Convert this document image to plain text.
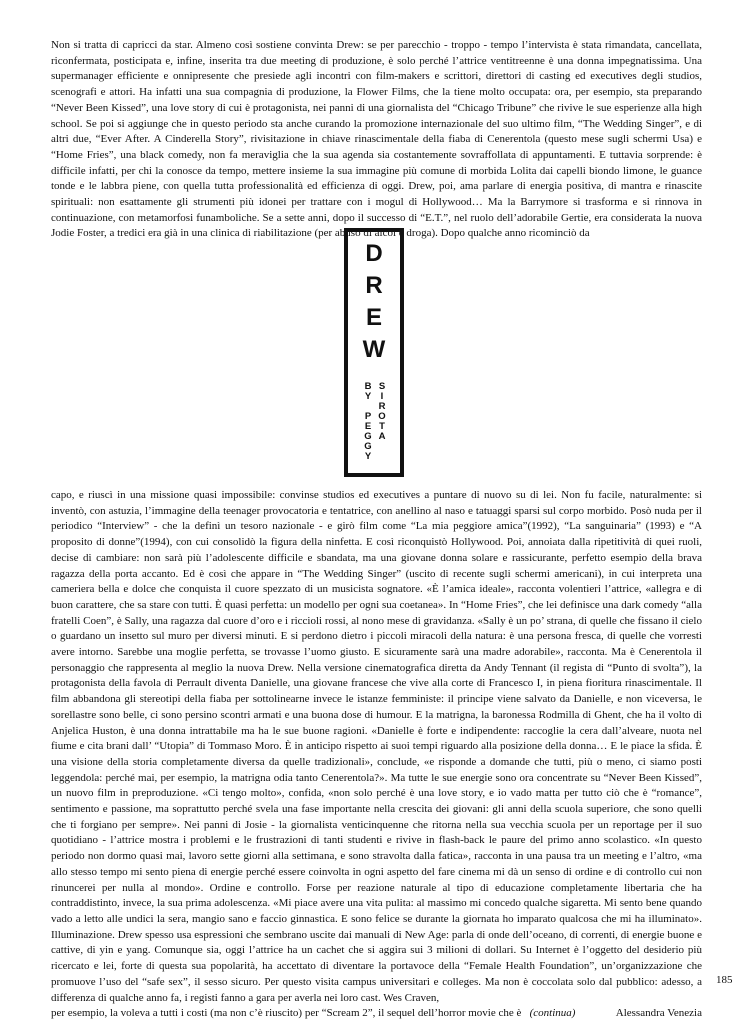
Non si tratta di capricci da star. Almeno così sostiene convinta Drew: se per parecchio - troppo - tempo l’intervista è stata rimandata, cancellata, riconfermata, posticipata e, infine, inserita tra due meeting di produzione, è solo perché l’attrice ventitreenne è una donna impegnatissima. Una supermanager efficiente e onnipresente che presiede agli incontri con film-makers e scrittori, direttori di casting ed executives degli studios, scenografi e attori. Ha infatti una sua compagnia di produzione, la Flower Films, che la tiene molto occupata: ora, per esempio, sta preparando “Never Been Kissed”, una love story di cui è protagonista, nei panni di una giornalista del “Chicago Tribune” che rivive le sue esperienze alla high school. Se poi si aggiunge che in questo periodo sta anche curando la promozione internazionale del suo ultimo film, “The Wedding Singer”, e di altri due, “Ever After. A Cinderella Story”, rivisitazione in chiave rinascimentale della fiaba di Cenerentola (questo mese sugli schermi Usa) e “Home Fries”, una black comedy, non fa meraviglia che la sua agenda sia costantemente sovraffollata di appuntamenti. E tuttavia sorprende: è difficile infatti, per chi la conosce da tempo, mettere insieme la sua immagine più comune di morbida Lolita dai capelli biondo limone, le guance tonde e le labbra piene, con quella tutta professionalità ed efficienza di oggi. Drew, poi, ama parlare di energia positiva, di mantra e rinascite spirituali: non esattamente gli strumenti più idonei per trattare con i mogul di Hollywood… Ma la Barrymore si trasforma e si rinnova in continuazione, con metamorfosi funamboliche. Se a sette anni, dopo il successo di “E.T.”, nel ruolo dell’adorabile Gertie, era considerata la nuova Jodie Foster, a tredici era già in una clinica di riabilitazione (per abuso di alcol e droga). Dopo qualche anno ricominciò da

D
R
E
W
B
Y

P
E
G
G
Y
S
I
R
O
T
A

capo, e riuscì in una missione quasi impossibile: convinse studios ed executives a puntare di nuovo su di lei. Non fu facile, naturalmente: si inventò, con astuzia, l’immagine della teenager provocatoria e tentatrice, con anellino al naso e tatuaggi sparsi sul corpo morbido. Posò nuda per il periodico “Interview” - che la definì un tesoro nazionale - e girò film come “La mia peggiore amica”(1992), “La sanguinaria” (1993) e “A proposito di donne”(1994), con cui consolidò la figura della ninfetta. E così riconquistò Hollywood. Poi, annoiata dalla ripetitività di quei ruoli, decise di cambiare: non sarà più l’adolescente difficile e sbandata, ma una giovane donna solare e rassicurante, perfetto esempio della brava ragazza della porta accanto. Ed è così che appare in “The Wedding Singer” (uscito di recente sugli schermi americani), in cui interpreta una cameriera bella e dolce che conquista il cuore spezzato di un musicista sognatore. «È l’amica ideale», racconta volentieri l’attrice, «allegra e di buon carattere, che sa stare con tutti. È quasi perfetta: un modello per ogni sua coetanea». In “Home Fries”, che lei definisce una dark comedy “alla fratelli Coen”, è Sally, una ragazza dal cuore d’oro e i riccioli rossi, al nono mese di gravidanza. «Sally è un po’ strana, di quelle che fissano il cielo o guardano un insetto sul muro per diversi minuti. E si perdono dietro i piccoli miracoli della natura: è una persona fresca, di quelle che vorresti avere intorno. Sarebbe una moglie perfetta, se trovasse l’uomo giusto. E sicuramente sarà una madre adorabile», racconta. Ma è Cenerentola il personaggio che rappresenta al meglio la nuova Drew. Nella versione cinematografica diretta da Andy Tennant (il regista di “Punto di svolta”), la protagonista della favola di Perrault diventa Danielle, una giovane francese che vive alla corte di Francesco I, in piena fioritura rinascimentale. Il film abbandona gli stereotipi della fiaba per sottolinearne invece le istanze femministe: il principe viene salvato da Danielle, e non viceversa, le sorellastre sono belle, ci sono persino scontri armati e una buona dose di humour. E la matrigna, la baronessa Rodmilla di Ghent, che ha il volto di Anjelica Huston, è una donna intrattabile ma ha le sue buone ragioni. «Danielle è forte e indipendente: raccoglie la cera dall’alveare, nuota nel fiume e cita brani dall’ “Utopia” di Tommaso Moro. È in anticipo rispetto ai suoi tempi riguardo alla posizione della donna… E le piace la sfida. È una visione della storia completamente diversa da quelle tradizionali», conclude, «e risponde a domande che tutti, più o meno, ci siamo posti leggendola: perché mai, per esempio, la matrigna odia tanto Cenerentola?». Ma tutte le sue energie sono ora concentrate su “Never Been Kissed”, un nuovo film in preproduzione. «Ci tengo molto», confida, «non solo perché è una love story, e io vado matta per tutto ciò che è “romance”, sentimento e passione, ma soprattutto perché svela una fase importante nella crescita dei giovani: gli anni della scuola superiore, che sono quelli che ti forgiano per sempre». Nei panni di Josie - la giornalista venticinquenne che ritorna nella sua vecchia scuola per un reportage per il suo quotidiano - l’attrice mostra i problemi e le frustrazioni di tanti studenti e rivive in flash-back le paure del primo anno scolastico. «In questo periodo non dormo quasi mai, lavoro sette giorni alla settimana, e sono stravolta dalla fatica», racconta in una pausa tra un meeting e l’altro, «ma allo stesso tempo mi sento piena di energie perché essere coinvolta in ogni aspetto del fare cinema mi dà un senso di ordine e di controllo cui non rinuncerei per nulla al mondo». Ordine e controllo. Forse per reazione naturale al tipo di educazione completamente libertaria che ha contraddistinto, invece, la sua prima adolescenza. «Mi piace avere una vita pulita: al massimo mi concedo qualche sigaretta. Mi sento bene quando vado a letto alle undici la sera, mangio sano e faccio ginnastica. E sono felice se durante la giornata ho imparato qualcosa che mi ha illuminato». Illuminazione. Drew spesso usa espressioni che sembrano uscite dai manuali di New Age: parla di onde dell’oceano, di correnti, di energie buone e cattive, di yin e yang. Comunque sia, oggi l’attrice ha un cachet che si aggira sui 3 milioni di dollari. Su Internet è l’oggetto del desiderio più ricercato e lei, forte di questa sua popolarità, ha accettato di diventare la portavoce della “Female Health Foundation”, un’organizzazione che promuove l’uso del “safe sex”, il sesso sicuro. Per questo visita campus universitari e colleges. Ma non è coccolata solo dal pubblico: adesso, a differenza di qualche anno fa, i registi fanno a gara per averla nei loro cast. Wes Craven,

per esempio, la voleva a tutti i costi (ma non c’è riuscito) per “Scream 2”, il sequel dell’horror movie che è   (continua)	Alessandra Venezia
185
